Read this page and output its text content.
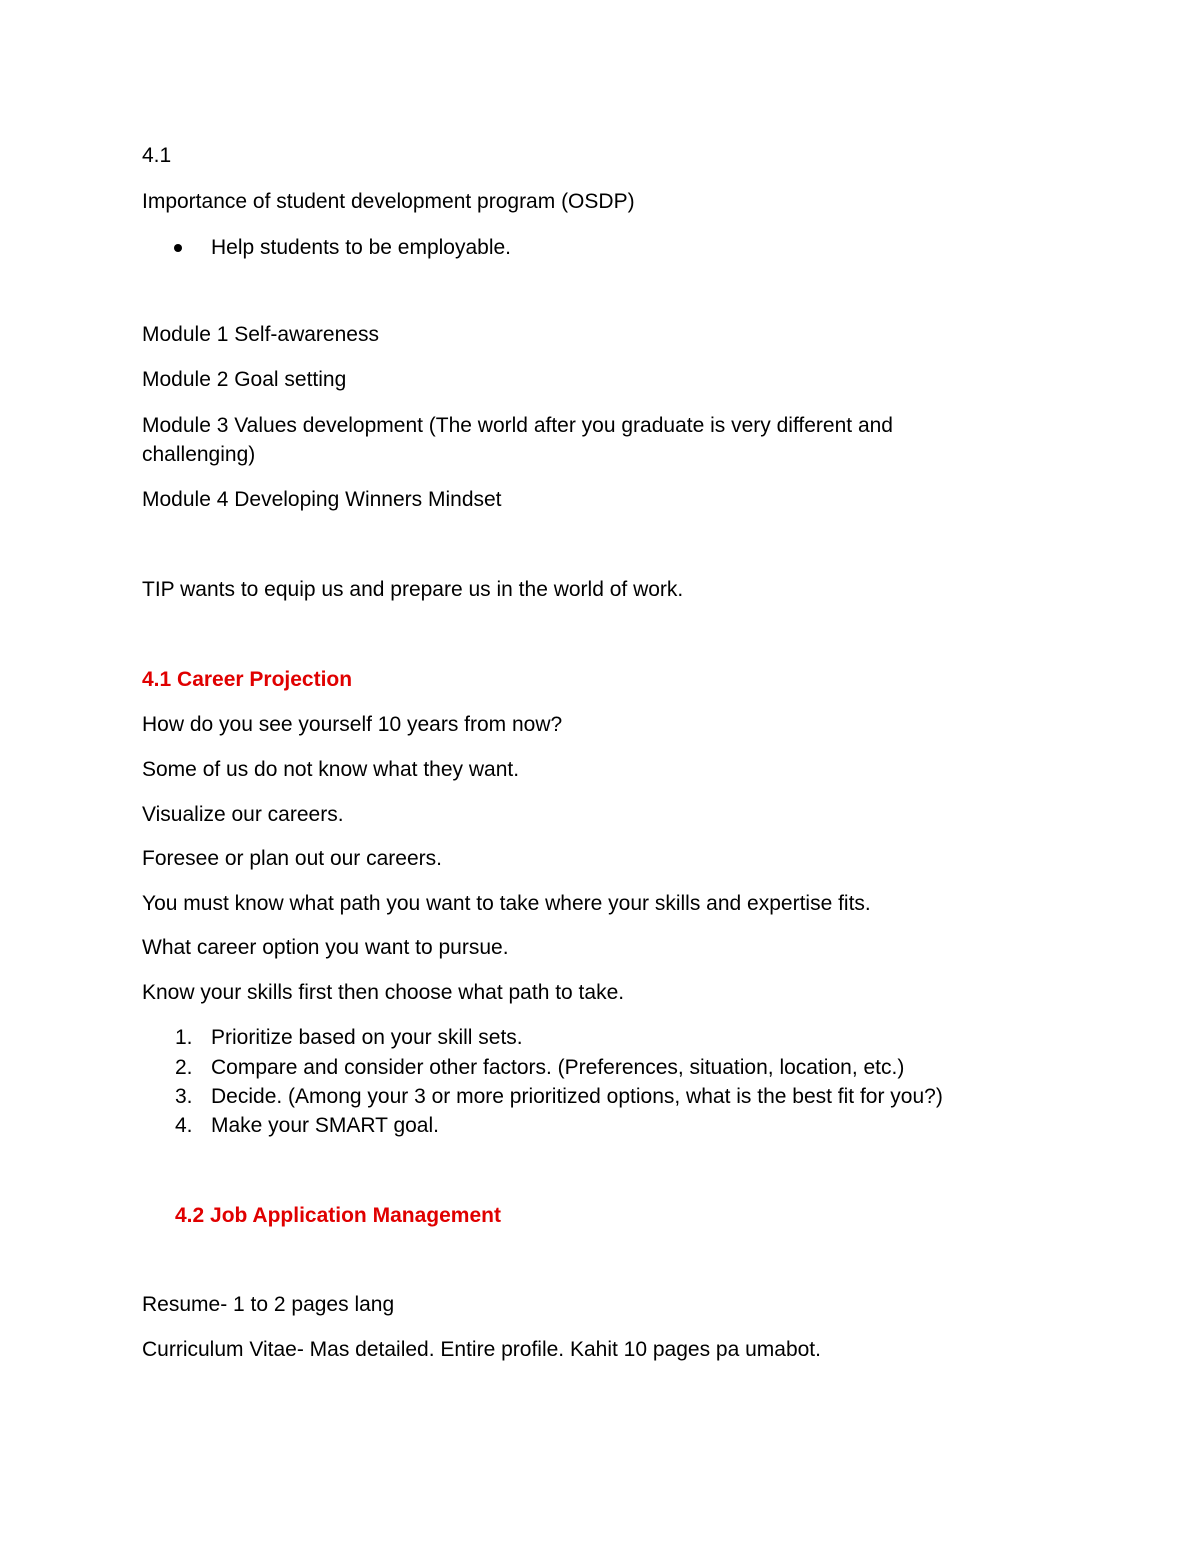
4.1
Importance of student development program (OSDP)
Help students to be employable.
Module 1 Self-awareness
Module 2 Goal setting
Module 3 Values development (The world after you graduate is very different and challenging)
Module 4 Developing Winners Mindset
TIP wants to equip us and prepare us in the world of work.
4.1 Career Projection
How do you see yourself 10 years from now?
Some of us do not know what they want.
Visualize our careers.
Foresee or plan out our careers.
You must know what path you want to take where your skills and expertise fits.
What career option you want to pursue.
Know your skills first then choose what path to take.
1. Prioritize based on your skill sets.
2. Compare and consider other factors. (Preferences, situation, location, etc.)
3. Decide. (Among your 3 or more prioritized options, what is the best fit for you?)
4. Make your SMART goal.
4.2 Job Application Management
Resume- 1 to 2 pages lang
Curriculum Vitae- Mas detailed. Entire profile. Kahit 10 pages pa umabot.
